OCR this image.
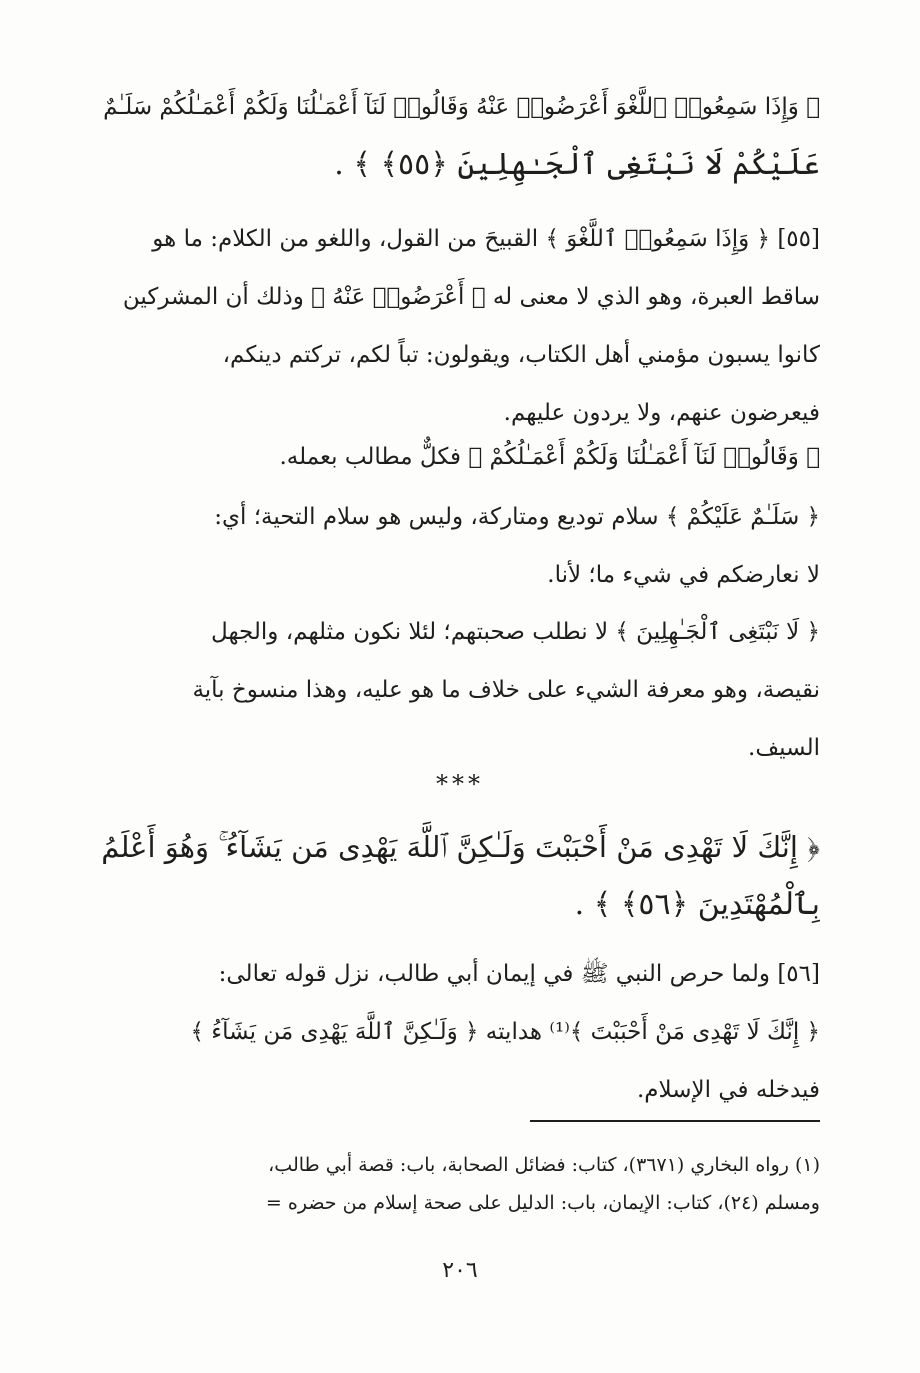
﴿ وَإِذَا سَمِعُوا۟ ٱللَّغْوَ أَعْرَضُوا۟ عَنْهُ وَقَالُوا۟ لَنَآ أَعْمَـٰلُنَا وَلَكُمْ أَعْمَـٰلُكُمْ سَلَـٰمٌ
عَلَيْكُمْ لَا نَبْتَغِى ٱلْجَـٰهِلِينَ ﴿٥٥﴾ ﴾ .
[٥٥] ﴿ وَإِذَا سَمِعُوا۟ ٱللَّغْوَ ﴾ القبيحَ من القول، واللغو من الكلام: ما هو
ساقط العبرة، وهو الذي لا معنى له ﴿ أَعْرَضُوا۟ عَنْهُ ﴾ وذلك أن المشركين
كانوا يسبون مؤمني أهل الكتاب، ويقولون: تباً لكم، تركتم دينكم،
فيعرضون عنهم، ولا يردون عليهم.
﴿ وَقَالُوا۟ لَنَآ أَعْمَـٰلُنَا وَلَكُمْ أَعْمَـٰلُكُمْ ﴾ فكلٌّ مطالب بعمله.
﴿ سَلَـٰمٌ عَلَيْكُمْ ﴾ سلام توديع ومتاركة، وليس هو سلام التحية؛ أي:
لا نعارضكم في شيء ما؛ لأنا.
﴿ لَا نَبْتَغِى ٱلْجَـٰهِلِينَ ﴾ لا نطلب صحبتهم؛ لئلا نكون مثلهم، والجهل
نقيصة، وهو معرفة الشيء على خلاف ما هو عليه، وهذا منسوخ بآية
السيف.
***
﴿ إِنَّكَ لَا تَهْدِى مَنْ أَحْبَبْتَ وَلَـٰكِنَّ ٱللَّهَ يَهْدِى مَن يَشَآءُ ۚ وَهُوَ أَعْلَمُ
بِٱلْمُهْتَدِينَ ﴿٥٦﴾ ﴾ .
[٥٦] ولما حرص النبي ﷺ في إيمان أبي طالب، نزل قوله تعالى:
﴿ إِنَّكَ لَا تَهْدِى مَنْ أَحْبَبْتَ ﴾⁽¹⁾ هدايته ﴿ وَلَـٰكِنَّ ٱللَّهَ يَهْدِى مَن يَشَآءُ ﴾
فيدخله في الإسلام.
(١) رواه البخاري (٣٦٧١)، كتاب: فضائل الصحابة، باب: قصة أبي طالب،
ومسلم (٢٤)، كتاب: الإيمان، باب: الدليل على صحة إسلام من حضره =
٢٠٦
